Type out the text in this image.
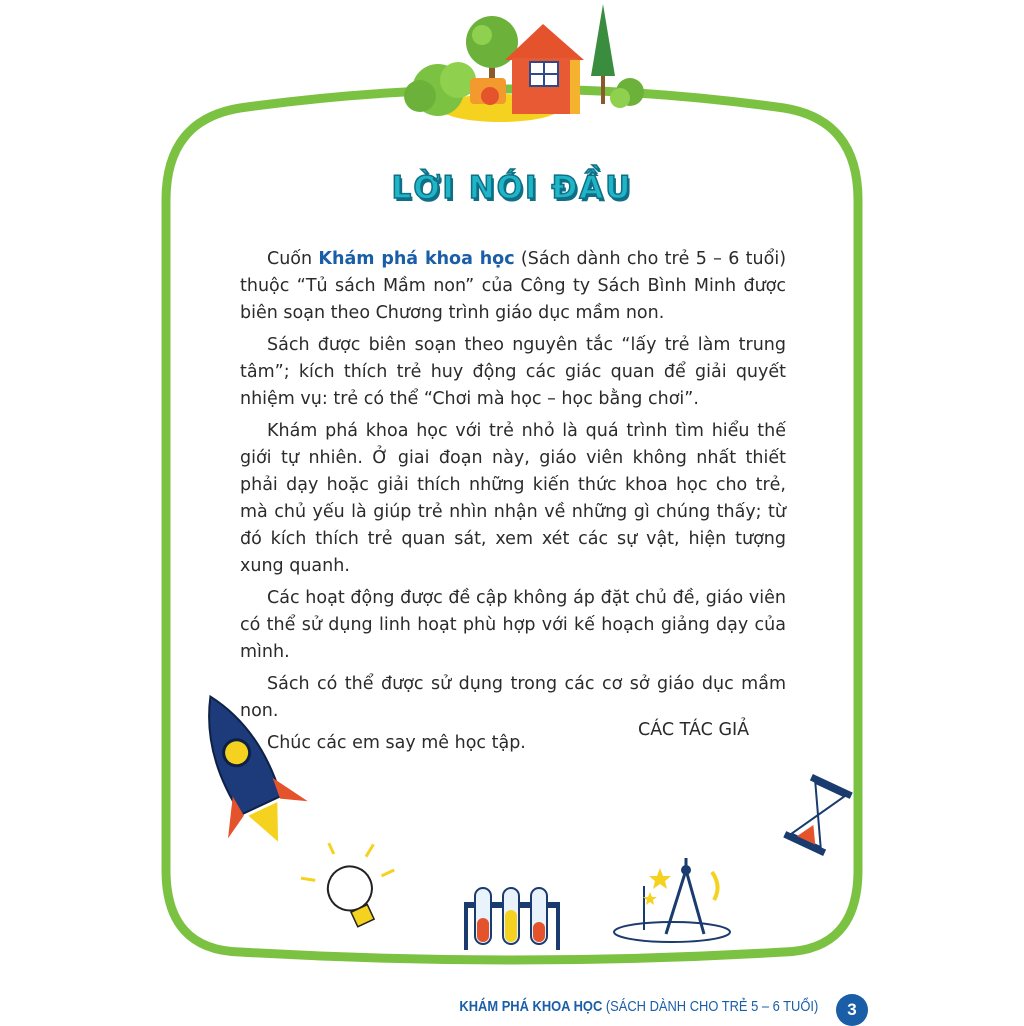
LỜI NÓI ĐẦU

Cuốn Khám phá khoa học (Sách dành cho trẻ 5 – 6 tuổi) thuộc “Tủ sách Mầm non” của Công ty Sách Bình Minh được biên soạn theo Chương trình giáo dục mầm non.

Sách được biên soạn theo nguyên tắc “lấy trẻ làm trung tâm”; kích thích trẻ huy động các giác quan để giải quyết nhiệm vụ: trẻ có thể “Chơi mà học – học bằng chơi”.

Khám phá khoa học với trẻ nhỏ là quá trình tìm hiểu thế giới tự nhiên. Ở giai đoạn này, giáo viên không nhất thiết phải dạy hoặc giải thích những kiến thức khoa học cho trẻ, mà chủ yếu là giúp trẻ nhìn nhận về những gì chúng thấy; từ đó kích thích trẻ quan sát, xem xét các sự vật, hiện tượng xung quanh.

Các hoạt động được đề cập không áp đặt chủ đề, giáo viên có thể sử dụng linh hoạt phù hợp với kế hoạch giảng dạy của mình.

Sách có thể được sử dụng trong các cơ sở giáo dục mầm non.

Chúc các em say mê học tập.

CÁC TÁC GIẢ
KHÁM PHÁ KHOA HỌC (SÁCH DÀNH CHO TRẺ 5 – 6 TUỔI)	3
